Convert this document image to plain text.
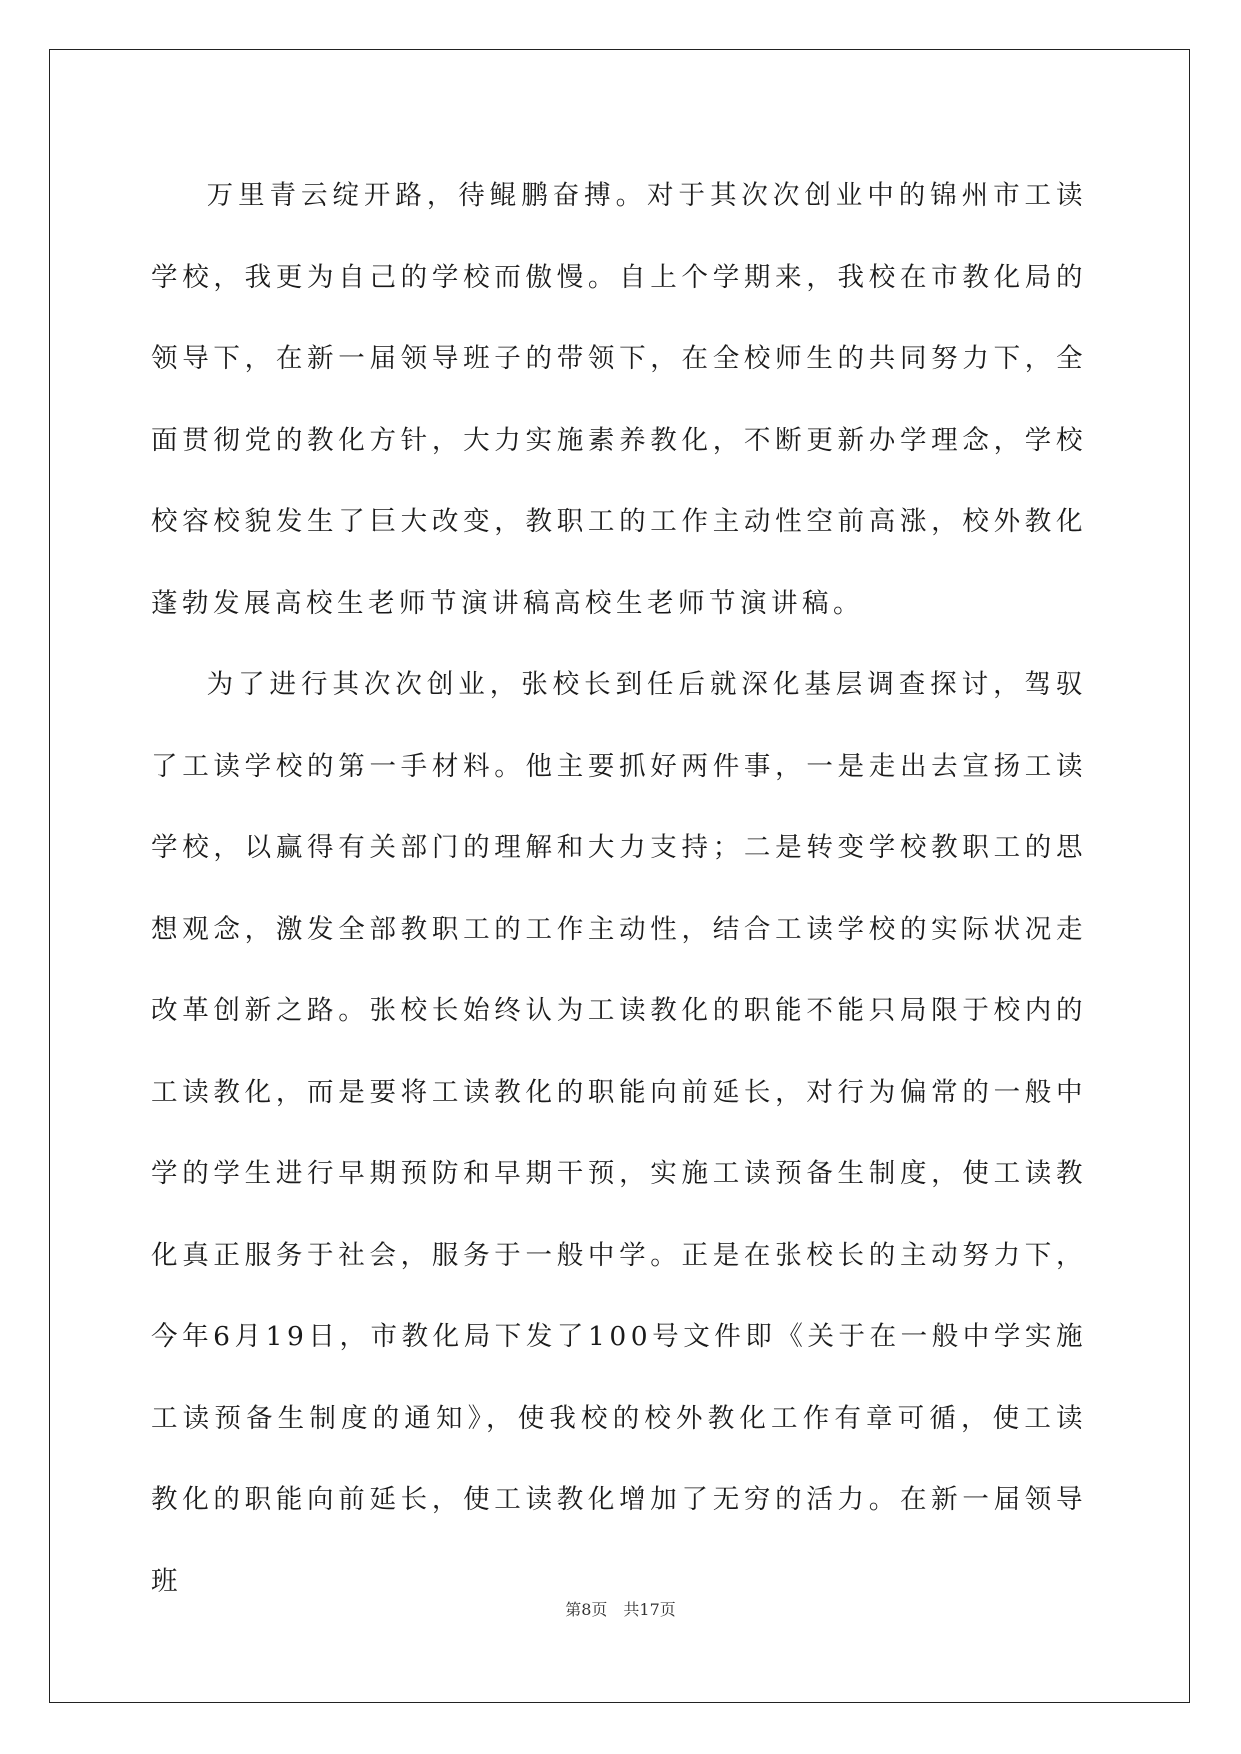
万里青云绽开路，待鲲鹏奋搏。对于其次次创业中的锦州市工读学校，我更为自己的学校而傲慢。自上个学期来，我校在市教化局的领导下，在新一届领导班子的带领下，在全校师生的共同努力下，全面贯彻党的教化方针，大力实施素养教化，不断更新办学理念，学校校容校貌发生了巨大改变，教职工的工作主动性空前高涨，校外教化蓬勃发展高校生老师节演讲稿高校生老师节演讲稿。

为了进行其次次创业，张校长到任后就深化基层调查探讨，驾驭了工读学校的第一手材料。他主要抓好两件事，一是走出去宣扬工读学校，以赢得有关部门的理解和大力支持；二是转变学校教职工的思想观念，激发全部教职工的工作主动性，结合工读学校的实际状况走改革创新之路。张校长始终认为工读教化的职能不能只局限于校内的工读教化，而是要将工读教化的职能向前延长，对行为偏常的一般中学的学生进行早期预防和早期干预，实施工读预备生制度，使工读教化真正服务于社会，服务于一般中学。正是在张校长的主动努力下，今年6月19日，市教化局下发了100号文件即《关于在一般中学实施工读预备生制度的通知》，使我校的校外教化工作有章可循，使工读教化的职能向前延长，使工读教化增加了无穷的活力。在新一届领导班

第8页 共17页
